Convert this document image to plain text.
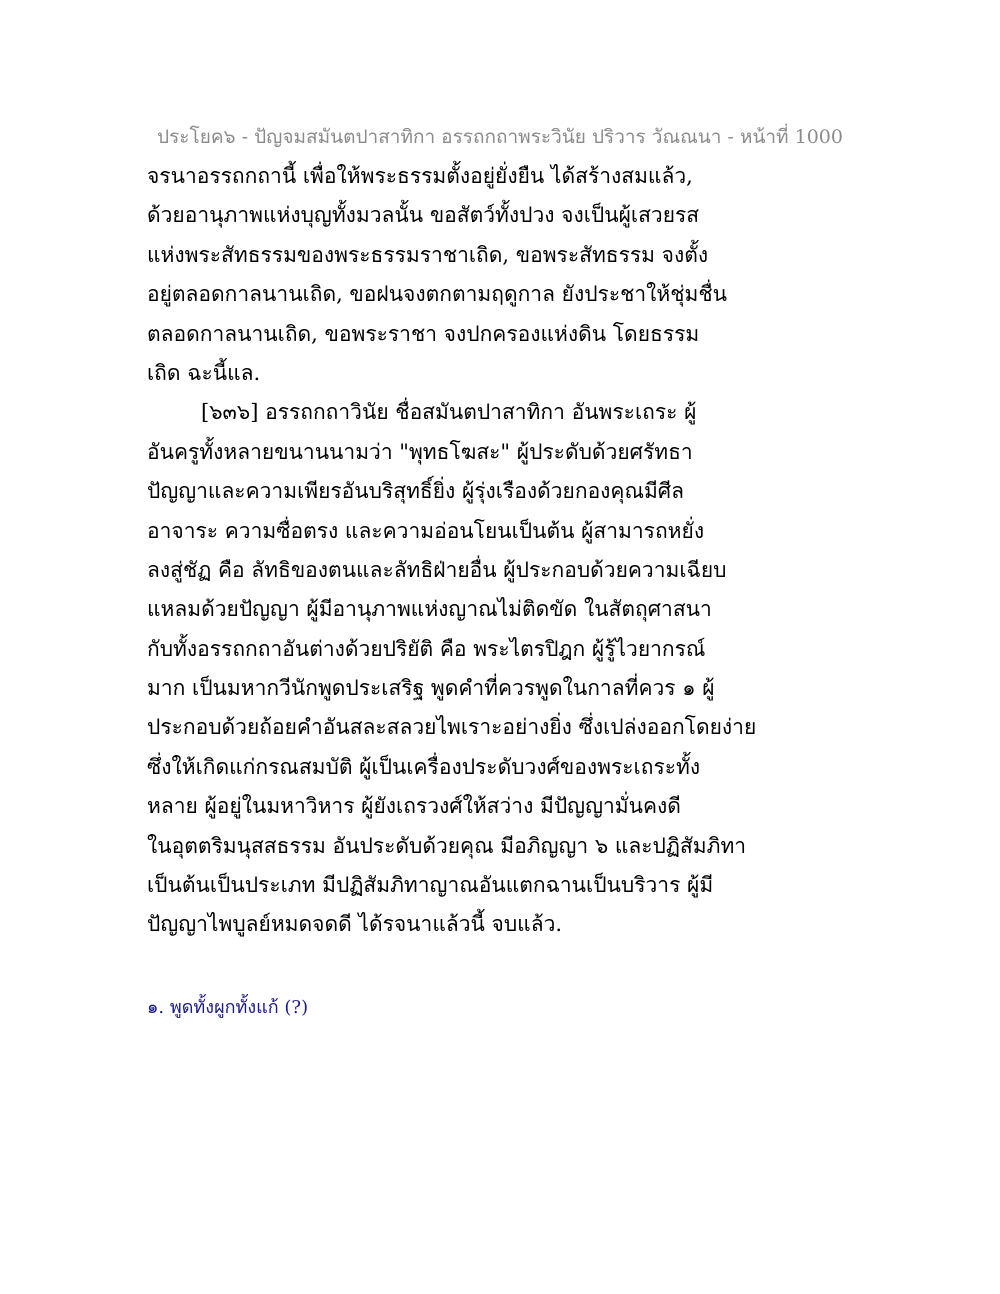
ประโยค๖ - ปัญจมสมันตปาสาทิกา อรรถกถาพระวินัย ปริวาร วัณณนา - หน้าที่ 1000
จรนาอรรถกถานี้ เพื่อให้พระธรรมตั้งอยู่ยั่งยืน ได้สร้างสมแล้ว,
ด้วยอานุภาพแห่งบุญทั้งมวลนั้น ขอสัตว์ทั้งปวง จงเป็นผู้เสวยรส
แห่งพระสัทธรรมของพระธรรมราชาเถิด, ขอพระสัทธรรม จงตั้ง
อยู่ตลอดกาลนานเถิด, ขอฝนจงตกตามฤดูกาล ยังประชาให้ชุ่มชื่น
ตลอดกาลนานเถิด, ขอพระราชา จงปกครองแห่งดิน โดยธรรม
เถิด ฉะนี้แล.
[๖๓๖] อรรถกถาวินัย ชื่อสมันตปาสาทิกา อันพระเถระ ผู้
อันครูทั้งหลายขนานนามว่า "พุทธโฆสะ" ผู้ประดับด้วยศรัทธา
ปัญญาและความเพียรอันบริสุทธิ์ยิ่ง ผู้รุ่งเรืองด้วยกองคุณมีศีล
อาจาระ ความซื่อตรง และความอ่อนโยนเป็นต้น ผู้สามารถหยั่ง
ลงสู่ชัฏ คือ ลัทธิของตนและลัทธิฝ่ายอื่น ผู้ประกอบด้วยความเฉียบ
แหลมด้วยปัญญา ผู้มีอานุภาพแห่งญาณไม่ติดขัด ในสัตถุศาสนา
กับทั้งอรรถกถาอันต่างด้วยปริยัติ คือ พระไตรปิฎก ผู้รู้ไวยากรณ์
มาก เป็นมหากวีนักพูดประเสริฐ พูดคำที่ควรพูดในกาลที่ควร ๑ ผู้
ประกอบด้วยถ้อยคำอันสละสลวยไพเราะอย่างยิ่ง ซึ่งเปล่งออกโดยง่าย
ซึ่งให้เกิดแก่กรณสมบัติ ผู้เป็นเครื่องประดับวงศ์ของพระเถระทั้ง
หลาย ผู้อยู่ในมหาวิหาร ผู้ยังเถรวงศ์ให้สว่าง มีปัญญามั่นคงดี
ในอุตตริมนุสสธรรม อันประดับด้วยคุณ มีอภิญญา ๖ และปฏิสัมภิทา
เป็นต้นเป็นประเภท มีปฏิสัมภิทาญาณอันแตกฉานเป็นบริวาร ผู้มี
ปัญญาไพบูลย์หมดจดดี ได้รจนาแล้วนี้ จบแล้ว.
๑. พูดทั้งผูกทั้งแก้ (?)
